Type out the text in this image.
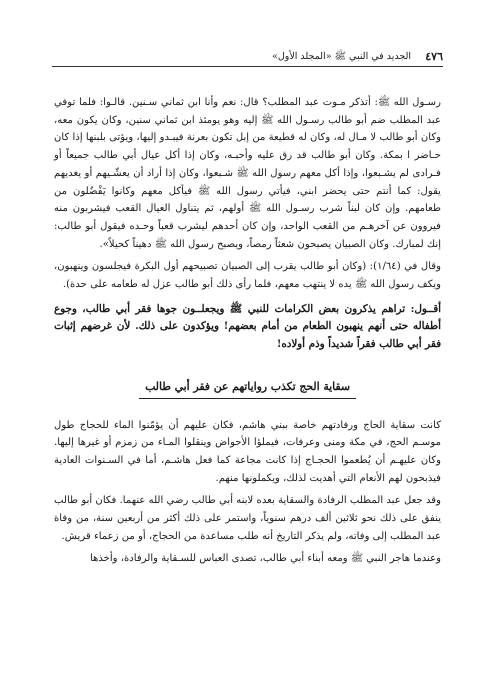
٤٧٦
الجديد في النبي ﷺ «المجلد الأول»

رسـول الله ﷺ: أتذكر مـوت عبد المطلب؟ قال: نعم وأنا ابن ثماني سـنين. قالـوا: فلما توفي عبد المطلب ضم أبو طالب رسـول الله ﷺ إليه وهو يومئذ ابن ثماني سنين، وكان يكون معه، وكان أبو طالب لا مـال له، وكان له قطيعة من إبل تكون بعرنة فيبـدو إليها، ويؤتى بلبنها إذا كان حـاضر ا بمكة. وكان أبو طالب قد رق عليه وأحبـه، وكان إذا أكل عيال أبي طالب جميعاً أو فـرادى لم يشـبعوا، وإذا أكل معهم رسول الله ﷺ شـبعوا، وكان إذا أراد أن يعشّـيهم أو يغديهم يقول: كما أنتم حتى يحضر ابني، فيأتي رسول الله ﷺ فيأكل معهم وكانوا يَفْضُلون من طعامهم. وإن كان لبناً شرب رسـول الله ﷺ أولهم، ثم يتناول العيال القعب فيشربون منه فيروون عن آخرهـم من القعب الواحد، وإن كان أحدهم ليشرب قعباً وحـده فيقول أبو طالب: إنك لمبارك. وكان الصبيان يصبحون شعثاً رمصاً، ويصبح رسول الله ﷺ دهيناً كحيلاً».

وقال في (١/٦٤): (وكان أبو طالب يقرب إلى الصبيان تصبيحهم أول البكرة فيجلسون وينهبون، ويكف رسول الله ﷺ يده لا ينتهب معهم، فلما رأى ذلك أبو طالب عزل له طعامه على حدة).

أقــول: تراهم يذكرون بعض الكرامات للنبي ﷺ ويجعلــون جوها فقر أبي طالب، وجوع أطفاله حتى أنهم ينهبون الطعام من أمام بعضهم! ويؤكدون على ذلك. لأن غرضهم إثبات فقر أبي طالب فقراً شديداً وذم أولاده!

سقاية الحج تكذب رواياتهم عن فقر أبي طالب

كانت سقاية الحاج ورفادتهم خاصة ببني هاشم، فكان عليهم أن يؤمّنوا الماء للحجاج طول موسـم الحج، في مكة ومنى وعرفات، فيملؤا الأحواض وينقلوا المـاء من زمزم أو غيرها إليها. وكان عليهـم أن يُطعموا الحجـاج إذا كانت مجاعة كما فعل هاشـم، أما في السـنوات العادية فيذبحون لهم الأنعام التي أهديت لذلك، ويكملونها منهم.

وقد جعل عبد المطلب الرفادة والسقاية بعده لابنه أبي طالب رضي الله عنهما. فكان أبو طالب ينفق على ذلك نحو ثلاثين ألف درهم سنوياً، واستمر على ذلك أكثر من أربعين سنة، من وفاة عبد المطلب إلى وفاته، ولم يذكر التاريخ أنه طلب مساعدة من الحجاج، أو من زعماء قريش.

وعندما هاجر النبي ﷺ ومعه أبناء أبي طالب، تصدى العباس للسـقاية والرفادة، وأخذها
